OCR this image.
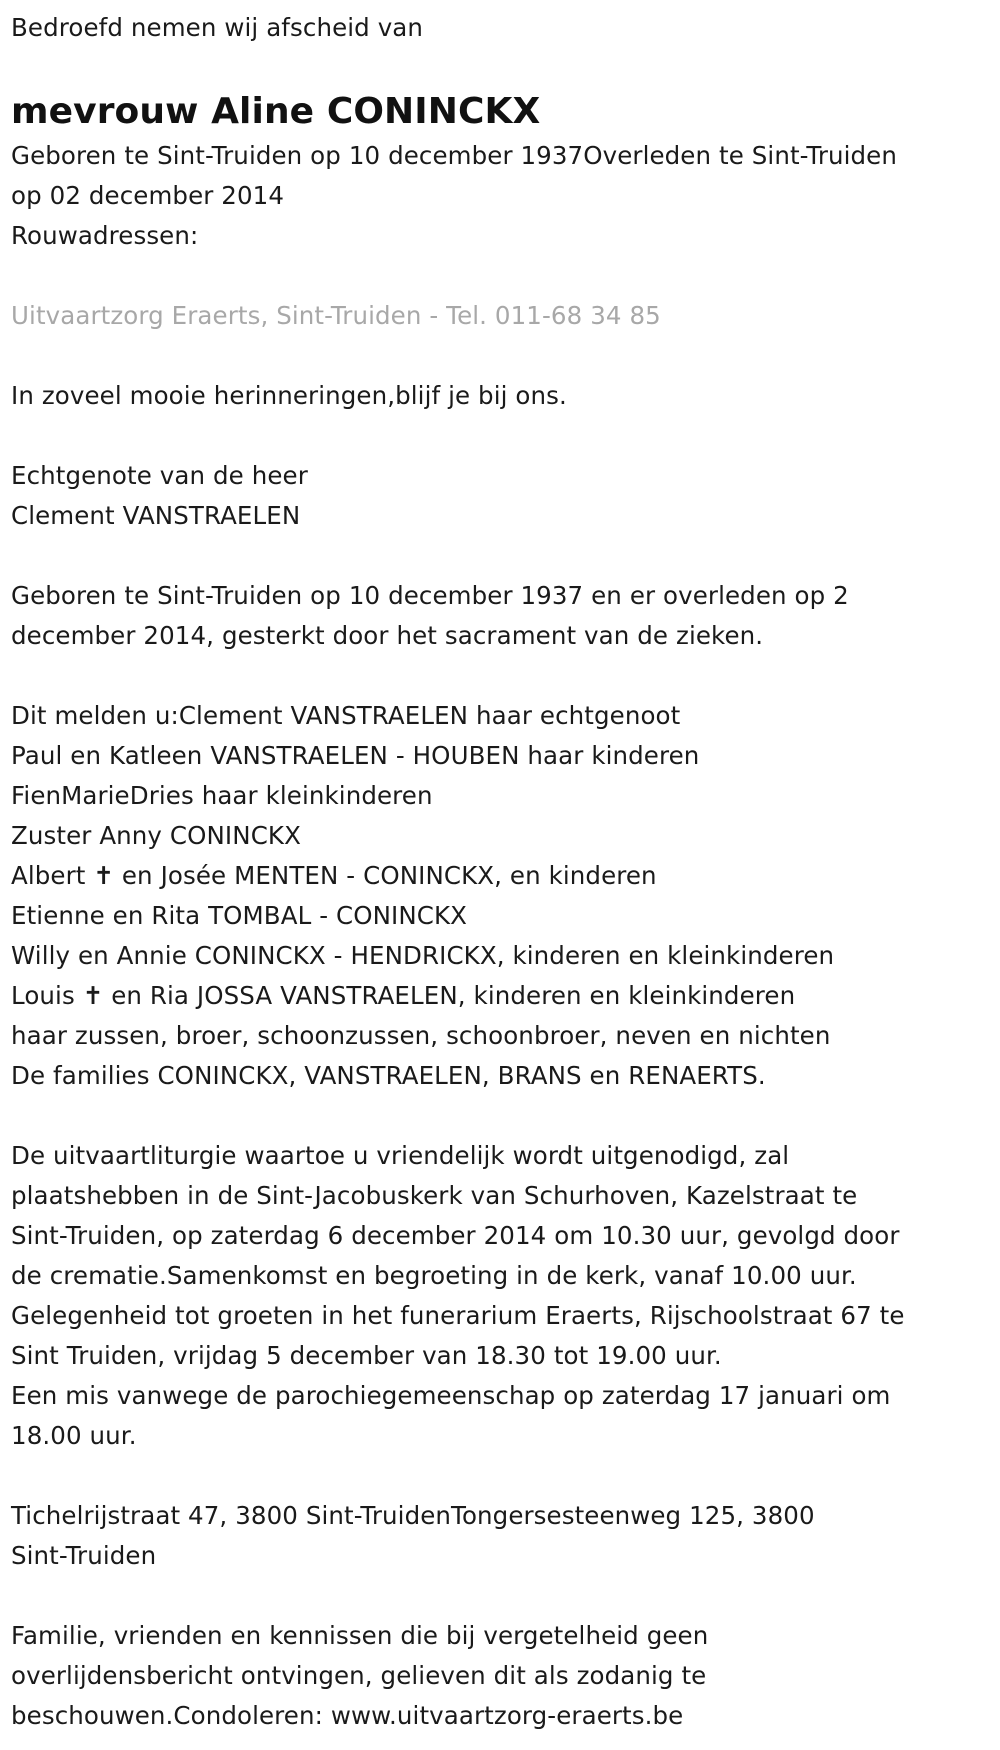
Bedroefd nemen wij afscheid van
mevrouw Aline CONINCKX
Geboren te Sint-Truiden op 10 december 1937Overleden te Sint-Truiden
op 02 december 2014
Rouwadressen:
Uitvaartzorg Eraerts, Sint-Truiden - Tel. 011-68 34 85
In zoveel mooie herinneringen,blijf je bij ons.
Echtgenote van de heer
Clement VANSTRAELEN
Geboren te Sint-Truiden op 10 december 1937 en er overleden op 2
december 2014, gesterkt door het sacrament van de zieken.
Dit melden u:Clement VANSTRAELEN haar echtgenoot
Paul en Katleen VANSTRAELEN - HOUBEN haar kinderen
FienMarieDries haar kleinkinderen
Zuster Anny CONINCKX
Albert ✝ en Josée MENTEN - CONINCKX, en kinderen
Etienne en Rita TOMBAL - CONINCKX
Willy en Annie CONINCKX - HENDRICKX, kinderen en kleinkinderen
Louis ✝ en Ria JOSSA VANSTRAELEN, kinderen en kleinkinderen
haar zussen, broer, schoonzussen, schoonbroer, neven en nichten
De families CONINCKX, VANSTRAELEN, BRANS en RENAERTS.
De uitvaartliturgie waartoe u vriendelijk wordt uitgenodigd, zal
plaatshebben in de Sint-Jacobuskerk van Schurhoven, Kazelstraat te
Sint-Truiden, op zaterdag 6 december 2014 om 10.30 uur, gevolgd door
de crematie.Samenkomst en begroeting in de kerk, vanaf 10.00 uur.
Gelegenheid tot groeten in het funerarium Eraerts, Rijschoolstraat 67 te
Sint Truiden, vrijdag 5 december van 18.30 tot 19.00 uur.
Een mis vanwege de parochiegemeenschap op zaterdag 17 januari om
18.00 uur.
Tichelrijstraat 47, 3800 Sint-TruidenTongersesteenweg 125, 3800
Sint-Truiden
Familie, vrienden en kennissen die bij vergetelheid geen
overlijdensbericht ontvingen, gelieven dit als zodanig te
beschouwen.Condoleren: www.uitvaartzorg-eraerts.be
